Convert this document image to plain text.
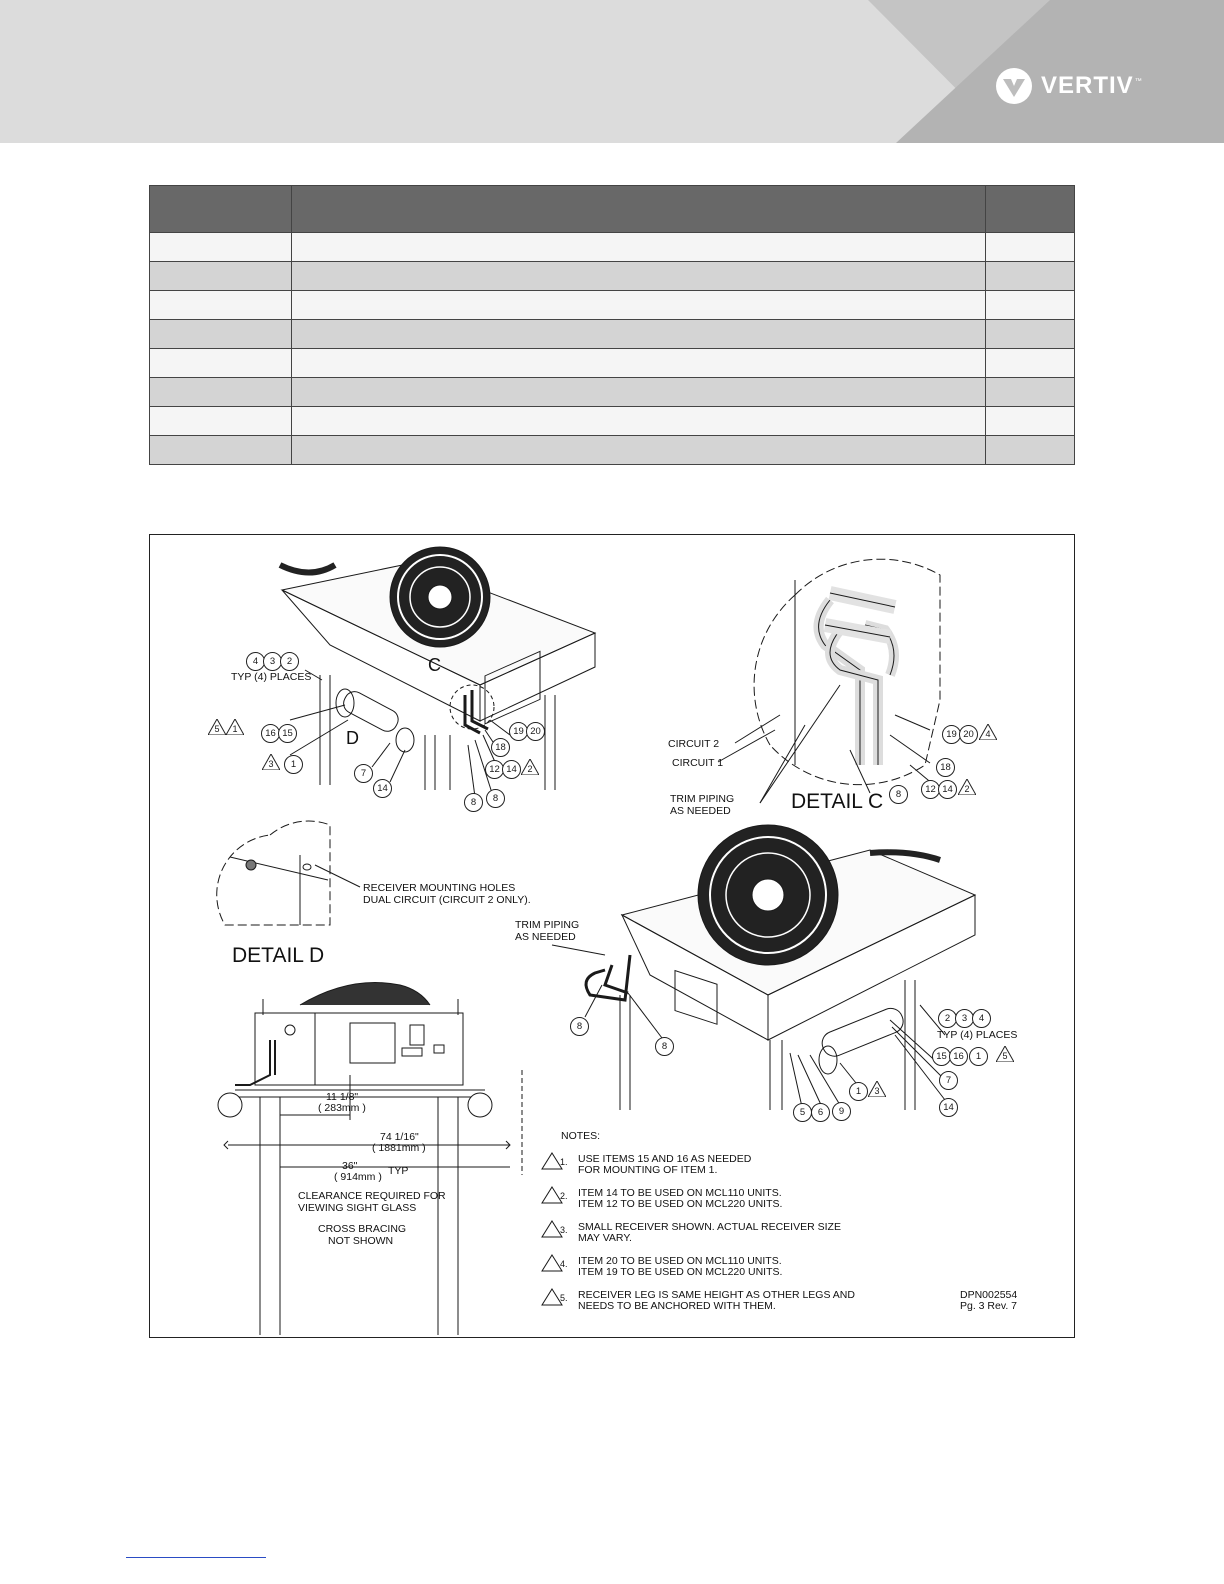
VERTIV ™

4	3	2
TYP (4) PLACES
C
D
5	1	16 15
3	1
7
14
19 20
18
12 14	2
8	8
CIRCUIT 2
CIRCUIT 1
TRIM PIPING
AS NEEDED	DETAIL C
19 20	4
18
8	12 14	2
RECEIVER MOUNTING HOLES
DUAL CIRCUIT (CIRCUIT 2 ONLY).
DETAIL D
11 1/8"
( 283mm )
74 1/16"
( 1881mm )
36"
( 914mm ) TYP
CLEARANCE REQUIRED FOR
VIEWING SIGHT GLASS
CROSS BRACING
NOT SHOWN
TRIM PIPING
AS NEEDED
8
8
2	3	4
TYP (4) PLACES
15 16	1	5
7
14
1	3
9
6
5
NOTES:
1. USE ITEMS 15 AND 16 AS NEEDED
FOR MOUNTING OF ITEM 1.
2. ITEM 14 TO BE USED ON MCL110 UNITS.
ITEM 12 TO BE USED ON MCL220 UNITS.
3. SMALL RECEIVER SHOWN. ACTUAL RECEIVER SIZE
MAY VARY.
4. ITEM 20 TO BE USED ON MCL110 UNITS.
ITEM 19 TO BE USED ON MCL220 UNITS.
5. RECEIVER LEG IS SAME HEIGHT AS OTHER LEGS AND
NEEDS TO BE ANCHORED WITH THEM.
DPN002554
Pg. 3 Rev. 7
